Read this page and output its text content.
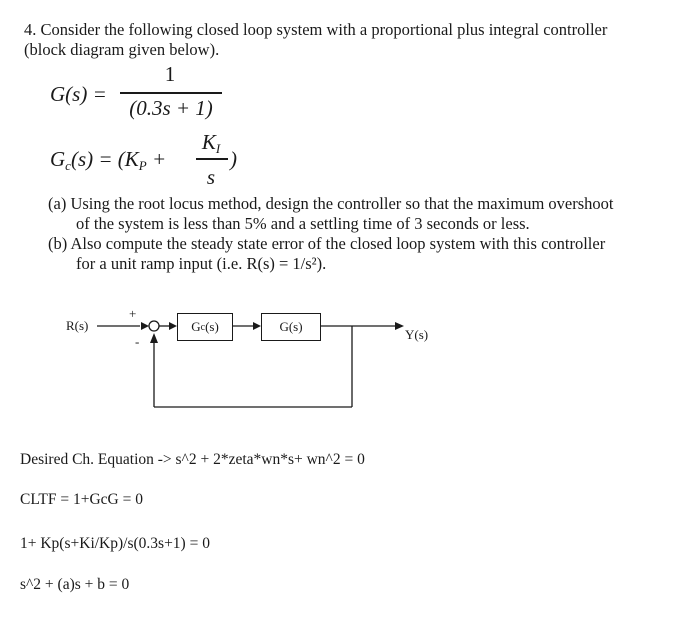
4. Consider the following closed loop system with a proportional plus integral controller
(block diagram given below).
G(s) =
1
(0.3s + 1)
$G_c(s) = (K_P$ +
$K_I$
s
)
(a) Using the root locus method, design the controller so that the maximum overshoot
of the system is less than 5% and a settling time of 3 seconds or less.
(b) Also compute the steady state error of the closed loop system with this controller
for a unit ramp input (i.e. R(s) = 1/s²).
R(s)
+
-
G c (s)	G(s)
Y(s)
Desired Ch. Equation -> s^2 + 2*zeta*wn*s+ wn^2 = 0
CLTF = 1+GcG = 0
1+ Kp(s+Ki/Kp)/s(0.3s+1) = 0
s^2 + (a)s + b = 0
